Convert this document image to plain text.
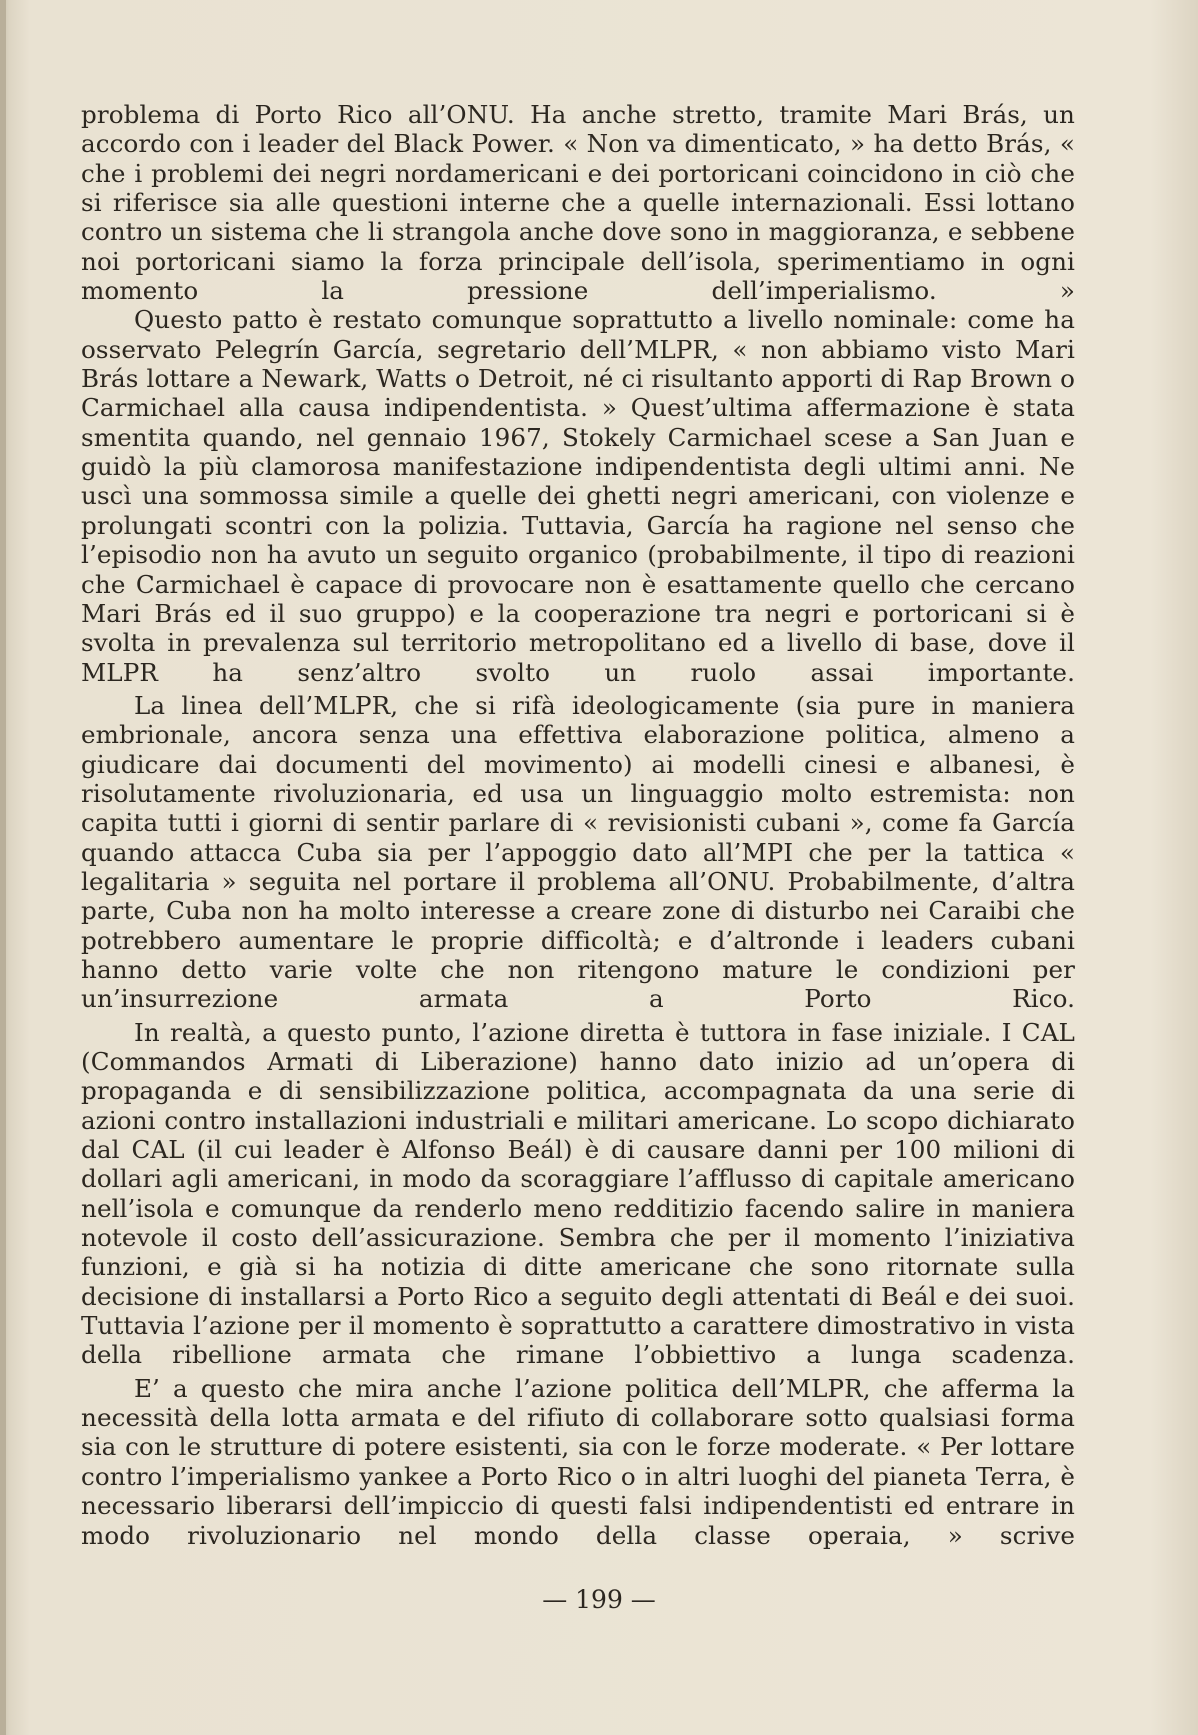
problema di Porto Rico all’ONU. Ha anche stretto, tramite Mari Brás, un accordo con i leader del Black Power. « Non va dimenticato, » ha detto Brás, « che i problemi dei negri nordamericani e dei portoricani coincidono in ciò che si riferisce sia alle questioni interne che a quelle internazionali. Essi lottano contro un sistema che li strangola anche dove sono in maggioranza, e sebbene noi portoricani siamo la forza principale dell’isola, sperimentiamo in ogni momento la pressione dell’imperialismo. »

Questo patto è restato comunque soprattutto a livello nominale: come ha osservato Pelegrín García, segretario dell’MLPR, « non abbiamo visto Mari Brás lottare a Newark, Watts o Detroit, né ci risultanto apporti di Rap Brown o Carmichael alla causa indipendentista. » Quest’ultima affermazione è stata smentita quando, nel gennaio 1967, Stokely Carmichael scese a San Juan e guidò la più clamorosa manifestazione indipendentista degli ultimi anni. Ne uscì una sommossa simile a quelle dei ghetti negri americani, con violenze e prolungati scontri con la polizia. Tuttavia, García ha ragione nel senso che l’episodio non ha avuto un seguito organico (probabilmente, il tipo di reazioni che Carmichael è capace di provocare non è esattamente quello che cercano Mari Brás ed il suo gruppo) e la cooperazione tra negri e portoricani si è svolta in prevalenza sul territorio metropolitano ed a livello di base, dove il MLPR ha senz’altro svolto un ruolo assai importante.

La linea dell’MLPR, che si rifà ideologicamente (sia pure in maniera embrionale, ancora senza una effettiva elaborazione politica, almeno a giudicare dai documenti del movimento) ai modelli cinesi e albanesi, è risolutamente rivoluzionaria, ed usa un linguaggio molto estremista: non capita tutti i giorni di sentir parlare di « revisionisti cubani », come fa García quando attacca Cuba sia per l’appoggio dato all’MPI che per la tattica « legalitaria » seguita nel portare il problema all’ONU. Probabilmente, d’altra parte, Cuba non ha molto interesse a creare zone di disturbo nei Caraibi che potrebbero aumentare le proprie difficoltà; e d’altronde i leaders cubani hanno detto varie volte che non ritengono mature le condizioni per un’insurrezione armata a Porto Rico.

In realtà, a questo punto, l’azione diretta è tuttora in fase iniziale. I CAL (Commandos Armati di Liberazione) hanno dato inizio ad un’opera di propaganda e di sensibilizzazione politica, accompagnata da una serie di azioni contro installazioni industriali e militari americane. Lo scopo dichiarato dal CAL (il cui leader è Alfonso Beál) è di causare danni per 100 milioni di dollari agli americani, in modo da scoraggiare l’afflusso di capitale americano nell’isola e comunque da renderlo meno redditizio facendo salire in maniera notevole il costo dell’assicurazione. Sembra che per il momento l’iniziativa funzioni, e già si ha notizia di ditte americane che sono ritornate sulla decisione di installarsi a Porto Rico a seguito degli attentati di Beál e dei suoi. Tuttavia l’azione per il momento è soprattutto a carattere dimostrativo in vista della ribellione armata che rimane l’obbiettivo a lunga scadenza.

E’ a questo che mira anche l’azione politica dell’MLPR, che afferma la necessità della lotta armata e del rifiuto di collaborare sotto qualsiasi forma sia con le strutture di potere esistenti, sia con le forze moderate. « Per lottare contro l’imperialismo yankee a Porto Rico o in altri luoghi del pianeta Terra, è necessario liberarsi dell’impiccio di questi falsi indipendentisti ed entrare in modo rivoluzionario nel mondo della classe operaia, » scrive

— 199 —
